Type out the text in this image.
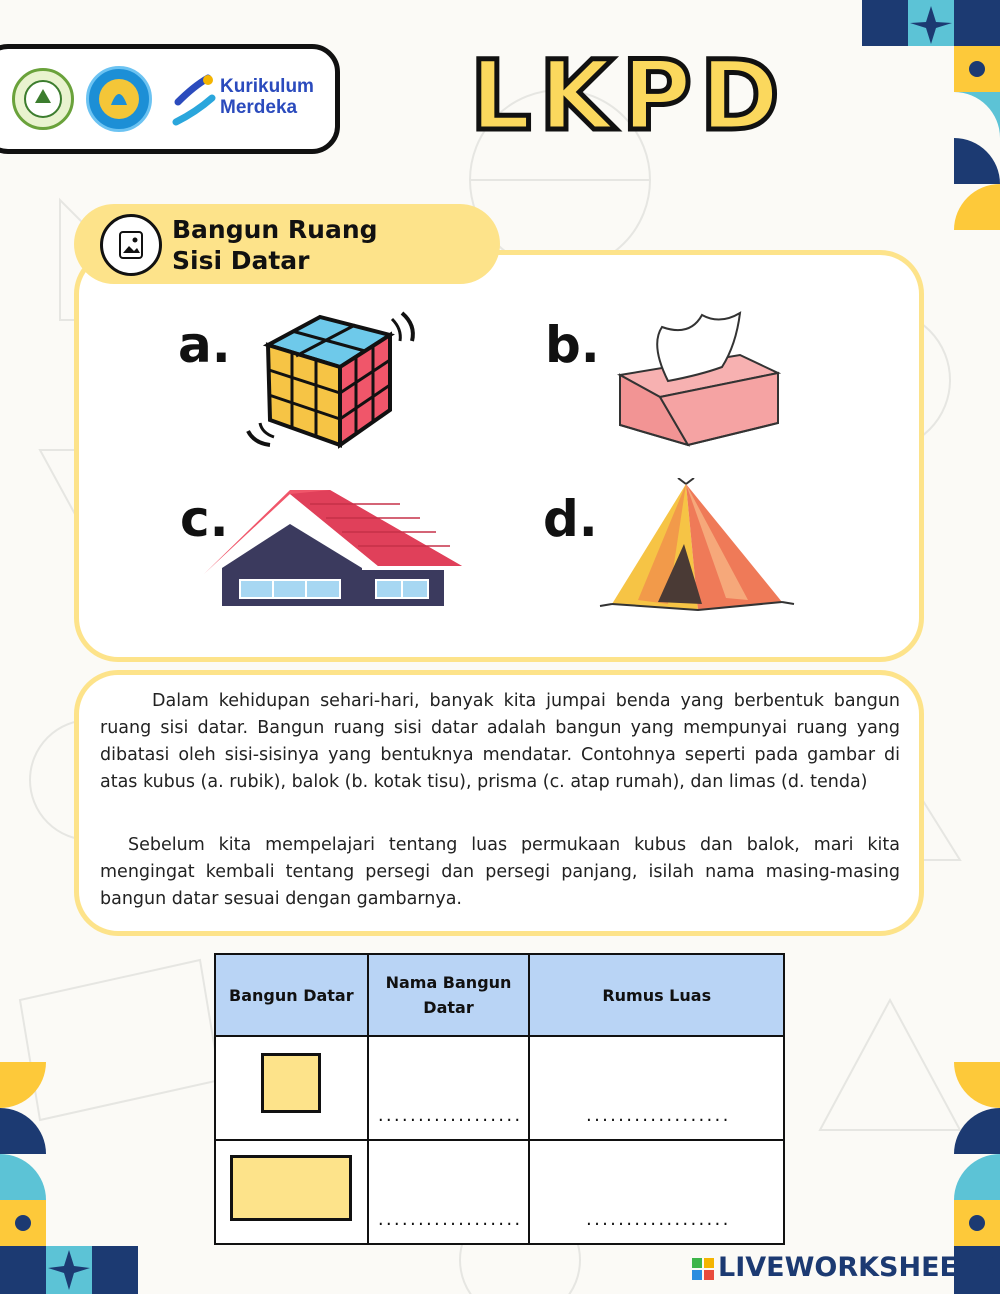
Kurikulum
Merdeka LKPD
Bangun Ruang
Sisi Datar
a.	b.
c.	d.

Dalam kehidupan sehari-hari, banyak kita jumpai benda yang berbentuk bangun ruang sisi datar. Bangun ruang sisi datar adalah bangun yang mempunyai ruang yang dibatasi oleh sisi-sisinya yang bentuknya mendatar. Contohnya seperti pada gambar di atas kubus (a. rubik), balok (b. kotak tisu), prisma (c. atap rumah), dan limas (d. tenda)

Sebelum kita mempelajari tentang luas permukaan kubus dan balok, mari kita mengingat kembali tentang persegi dan persegi panjang, isilah nama masing-masing bangun datar sesuai dengan gambarnya.

Bangun Datar	Nama Bangun Datar	Rumus Luas
	..................	..................
	..................	..................
LIVEWORKSHEETS
